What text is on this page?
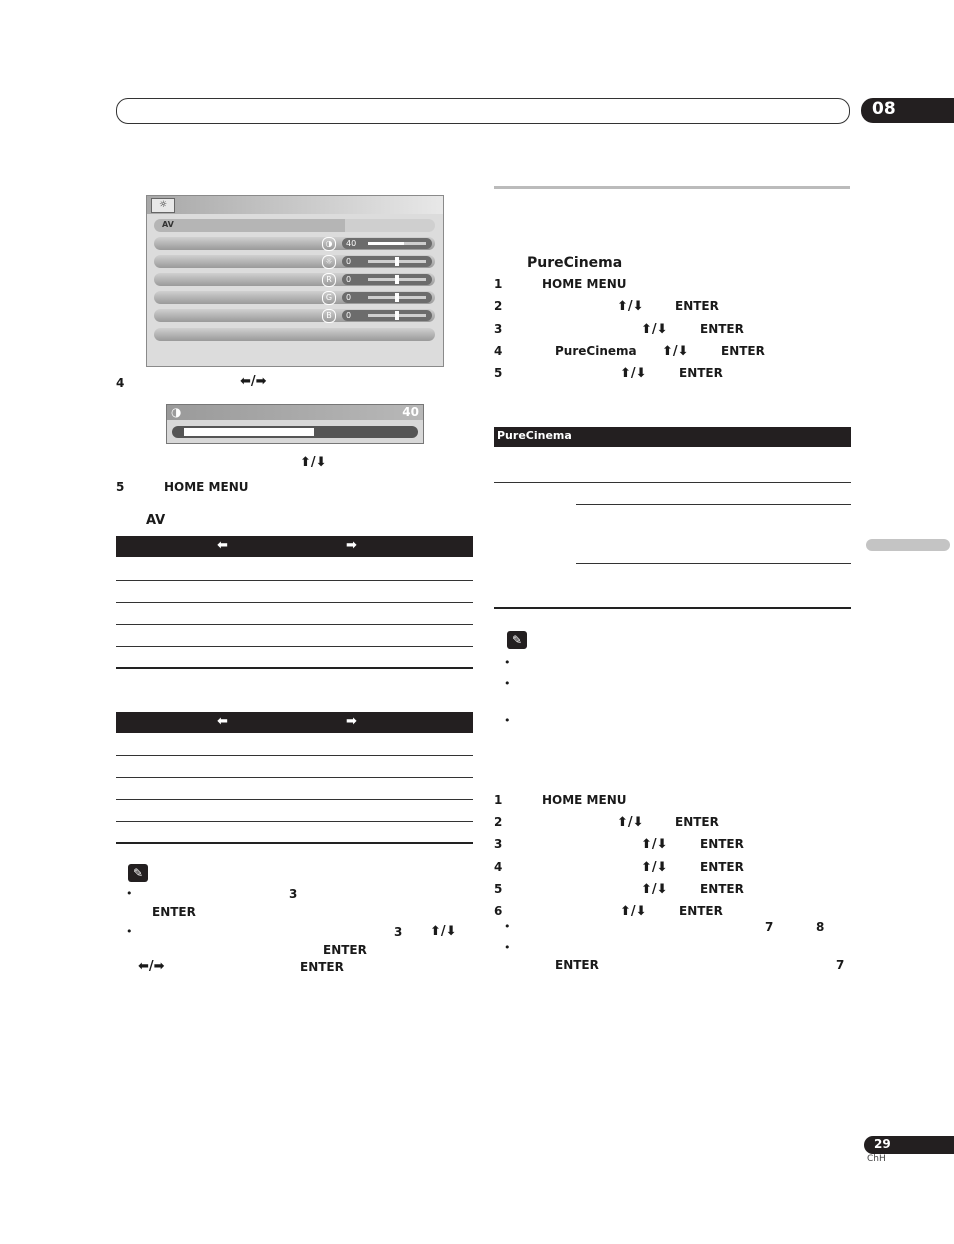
08
☼
AV
◑	40
☼	0
R	0
G	0
B	0
4	⬅/➡
◑	40
⬆/⬇
5	HOME MENU
AV
⬅	➡
⬅	➡
✎
•	3
ENTER
•	3 ⬆/⬇
ENTER
⬅/➡	ENTER
PureCinema
1	HOME MENU
2	ENTER
⬆/⬇
3	ENTER
⬆/⬇
4	ENTER
PureCinema ⬆/⬇
5	ENTER
⬆/⬇
PureCinema
✎
•
•
•
1	HOME MENU
2	ENTER
⬆/⬇
3	ENTER
⬆/⬇
4	ENTER
⬆/⬇
5	ENTER
⬆/⬇
6	ENTER
⬆/⬇
•	7	8
•
ENTER	7
29
ChH
